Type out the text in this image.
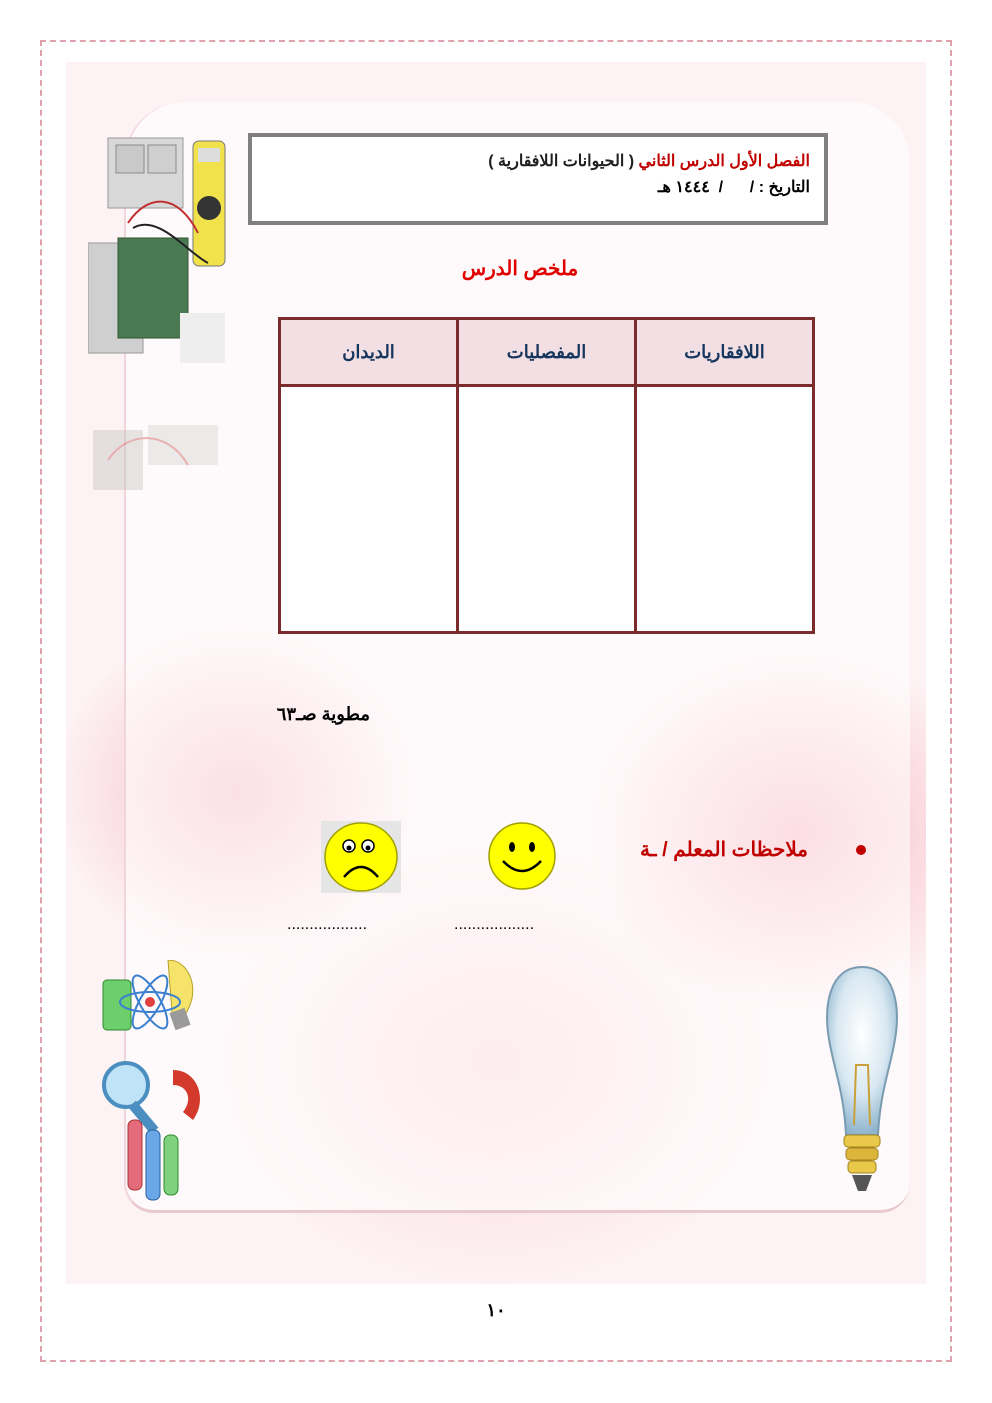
الفصل الأول الدرس الثاني ( الحيوانات اللافقارية )
التاريخ : /      /  ١٤٤٤ هـ
ملخص الدرس
اللافقاريات	المفصليات	الديدان

مطوية صـ٦٣
ملاحظات المعلم / ـة
..................
..................
١٠
